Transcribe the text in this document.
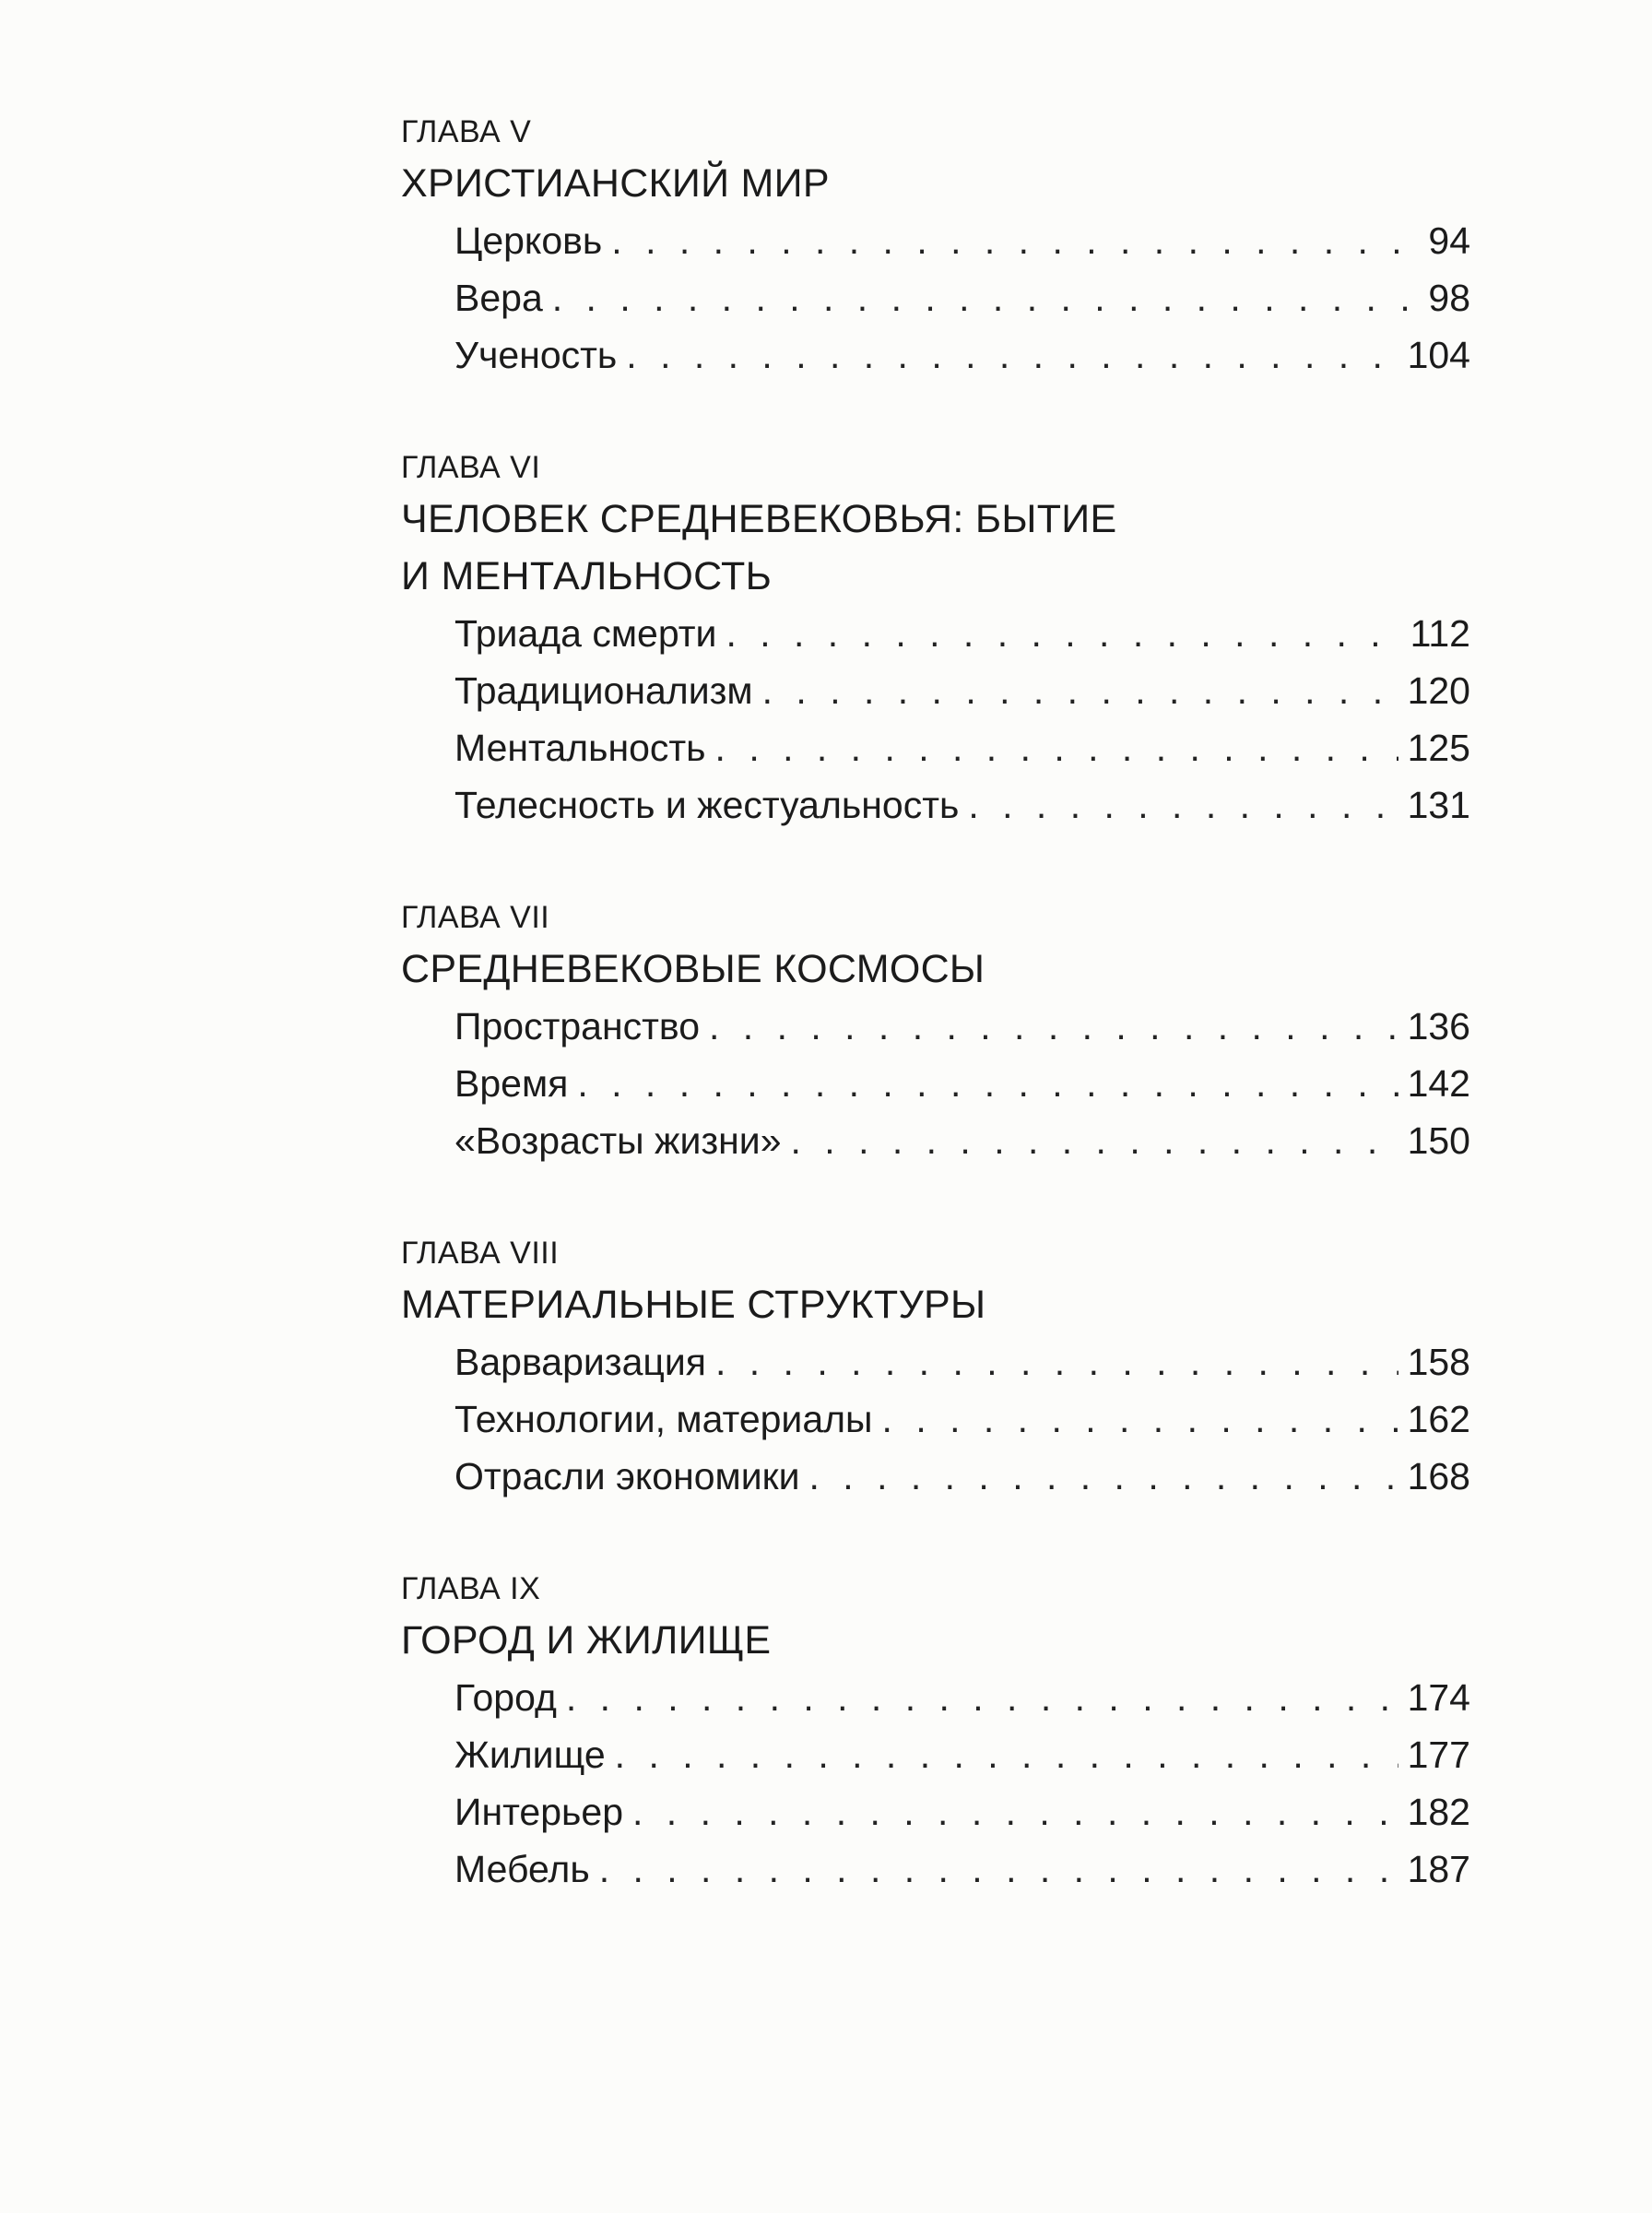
ГЛАВА V
ХРИСТИАНСКИЙ МИР
Церковь . . .	94
Вера . . .	98
Ученость . . .	104
ГЛАВА VI
ЧЕЛОВЕК СРЕДНЕВЕКОВЬЯ: БЫТИЕ
И МЕНТАЛЬНОСТЬ
Триада смерти . . .	112
Традиционализм . . .	120
Ментальность . . .	125
Телесность и жестуальность . . .	131
ГЛАВА VII
СРЕДНЕВЕКОВЫЕ КОСМОСЫ
Пространство . . .	136
Время . . .	142
«Возрасты жизни» . . .	150
ГЛАВА VIII
МАТЕРИАЛЬНЫЕ СТРУКТУРЫ
Варваризация . . .	158
Технологии, материалы . . .	162
Отрасли экономики . . .	168
ГЛАВА IX
ГОРОД И ЖИЛИЩЕ
Город . . .	174
Жилище . . .	177
Интерьер . . .	182
Мебель . . .	187
